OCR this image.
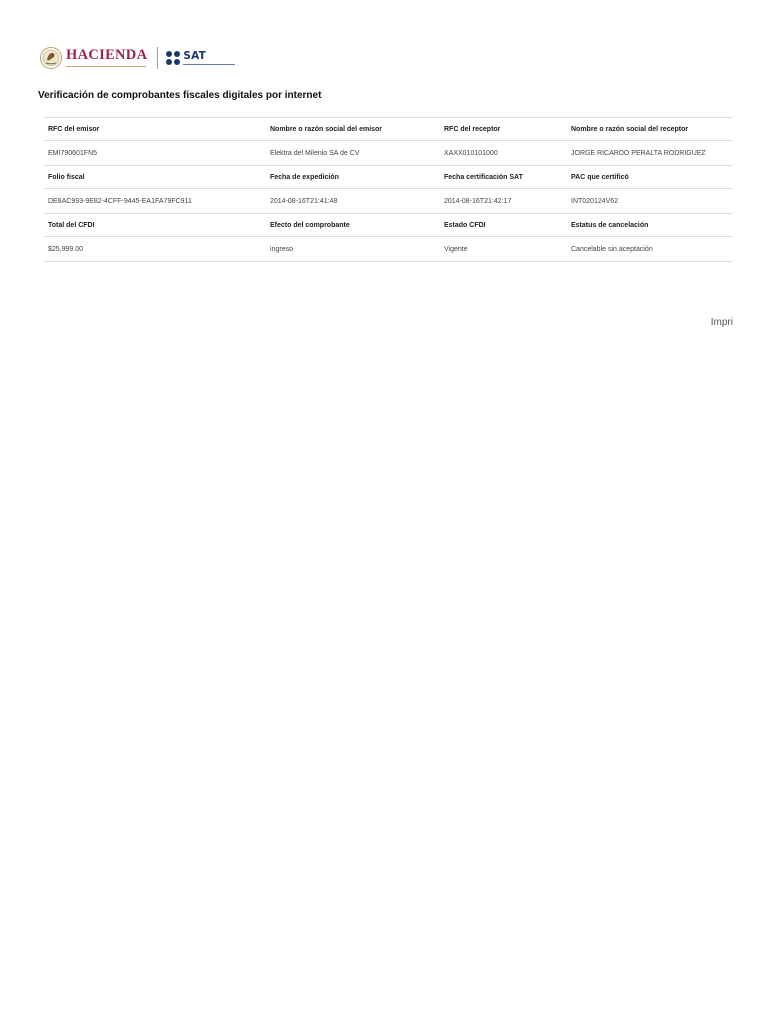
HACIENDA	SAT
Verificación de comprobantes fiscales digitales por internet
RFC del emisor	Nombre o razón social del emisor	RFC del receptor	Nombre o razón social del receptor
EMI790601FN5	Elektra del Milenio SA de CV	XAXX010101000	JORGE RICARDO PERALTA RODRIGUEZ
Folio fiscal	Fecha de expedición	Fecha certificación SAT	PAC que certificó
DE8AC993-9E82-4CFF-9445-EA1FA79FC911	2014-08-16T21:41:48	2014-08-16T21:42:17	INT020124V62
Total del CFDI	Efecto del comprobante	Estado CFDI	Estatus de cancelación
$25,999.00	ingreso	Vigente	Cancelable sin aceptación
Impri
